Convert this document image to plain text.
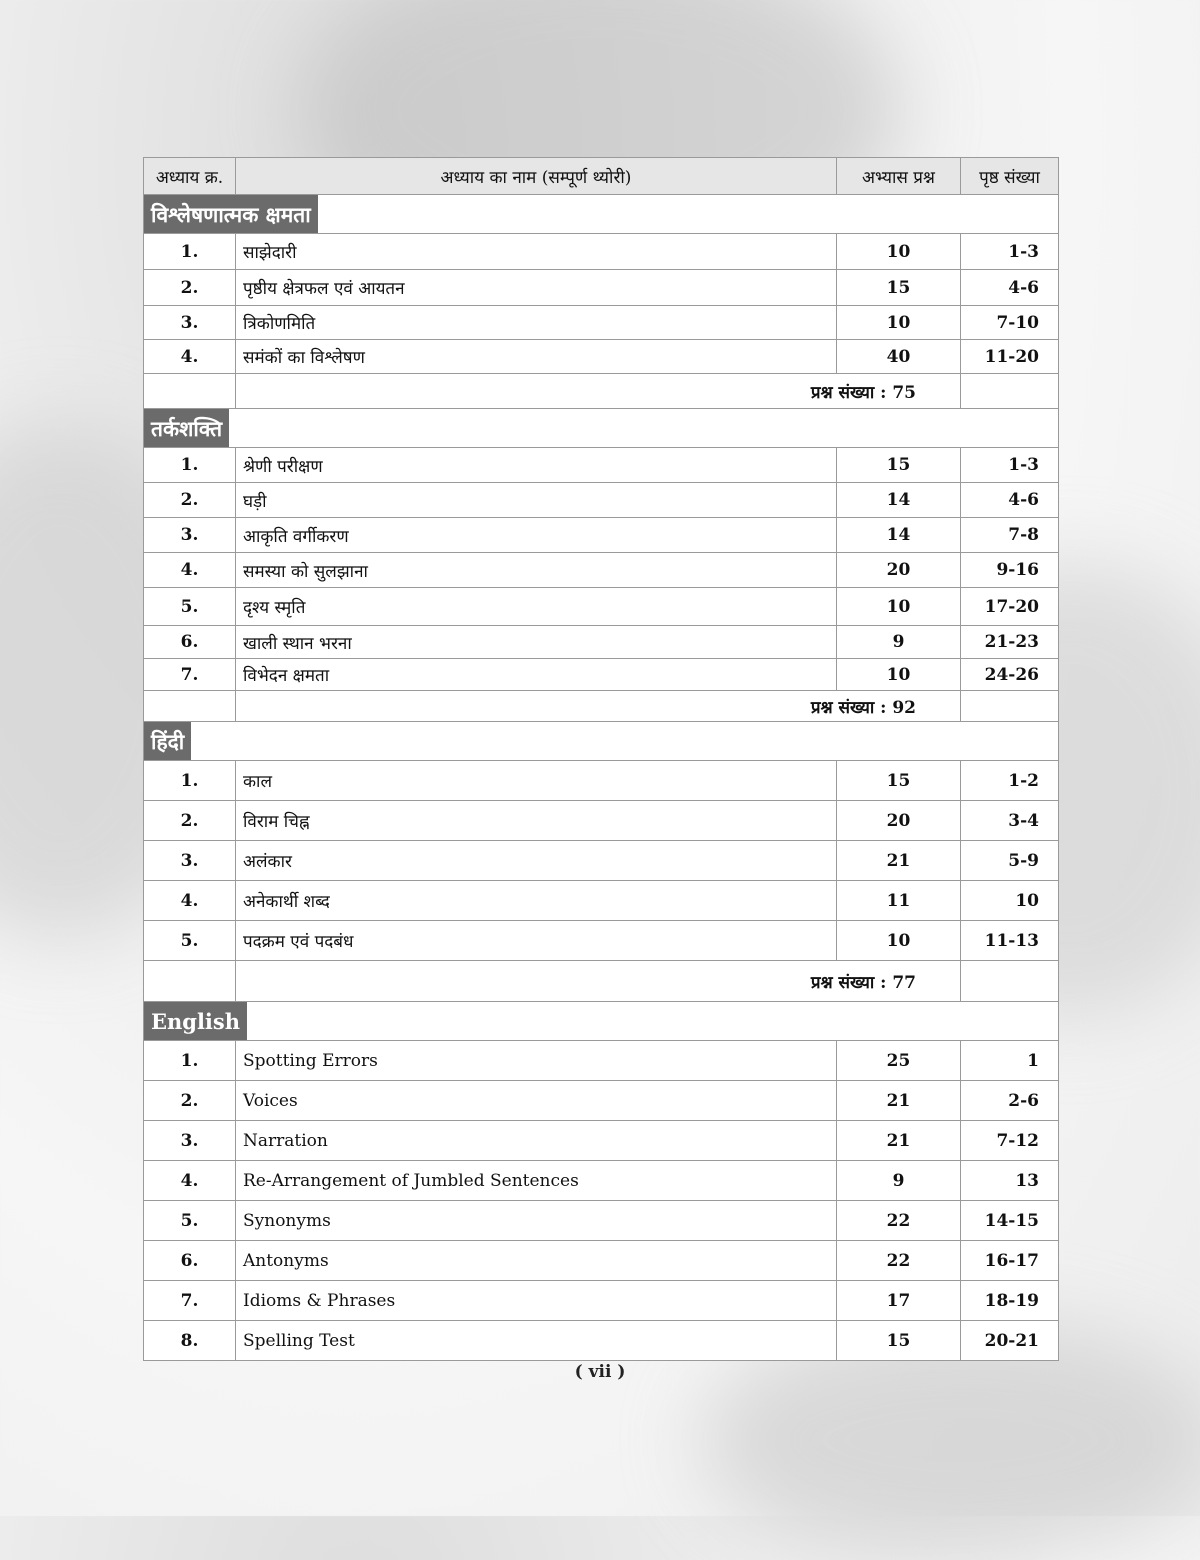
अध्याय क्र.	अध्याय का नाम (सम्पूर्ण थ्योरी)	अभ्यास प्रश्न	पृष्ठ संख्या
विश्लेषणात्मक क्षमता			
1.	साझेदारी	10	1-3
2.	पृष्ठीय क्षेत्रफल एवं आयतन	15	4-6
3.	त्रिकोणमिति	10	7-10
4.	समंकों का विश्लेषण	40	11-20
	प्रश्न संख्या : 75		
तर्कशक्ति			
1.	श्रेणी परीक्षण	15	1-3
2.	घड़ी	14	4-6
3.	आकृति वर्गीकरण	14	7-8
4.	समस्या को सुलझाना	20	9-16
5.	दृश्य स्मृति	10	17-20
6.	खाली स्थान भरना	9	21-23
7.	विभेदन क्षमता	10	24-26
	प्रश्न संख्या : 92		
हिंदी			
1.	काल	15	1-2
2.	विराम चिह्न	20	3-4
3.	अलंकार	21	5-9
4.	अनेकार्थी शब्द	11	10
5.	पदक्रम एवं पदबंध	10	11-13
	प्रश्न संख्या : 77		
English			
1.	Spotting Errors	25	1
2.	Voices	21	2-6
3.	Narration	21	7-12
4.	Re-Arrangement of Jumbled Sentences	9	13
5.	Synonyms	22	14-15
6.	Antonyms	22	16-17
7.	Idioms & Phrases	17	18-19
8.	Spelling Test	15	20-21
( vii )
